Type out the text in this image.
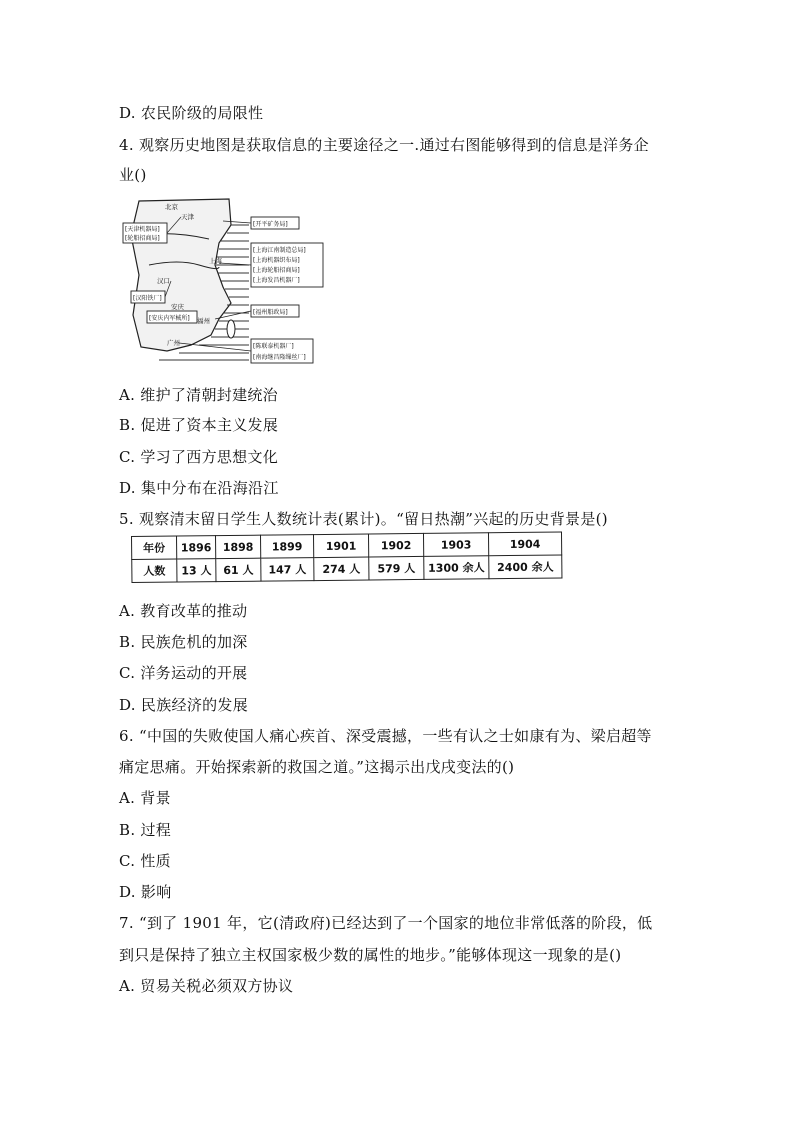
D. 农民阶级的局限性
4. 观察历史地图是获取信息的主要途径之一.通过右图能够得到的信息是洋务企
业()
北京
天津
汉口
安庆
上海
福州
广州
[天津机器局]
[轮船招商局]
[开平矿务局]
[上海江南制造总局]
[上海机器织布局]
[上海轮船招商局]
[上海发昌机器厂]
[汉阳铁厂]
[安庆内军械所]
[福州船政局]
[陈联泰机器厂]
[南海继昌隆缫丝厂]
A. 维护了清朝封建统治
B. 促进了资本主义发展
C. 学习了西方思想文化
D. 集中分布在沿海沿江
5. 观察清末留日学生人数统计表(累计)。“留日热潮”兴起的历史背景是()
年份	1896	1898	1899	1901	1902	1903	1904
人数	13 人	61 人	147 人	274 人	579 人	1300 余人	2400 余人
A. 教育改革的推动
B. 民族危机的加深
C. 洋务运动的开展
D. 民族经济的发展
6. “中国的失败使国人痛心疾首、深受震撼，一些有认之士如康有为、梁启超等
痛定思痛。开始探索新的救国之道。”这揭示出戊戌变法的()
A. 背景
B. 过程
C. 性质
D. 影响
7. “到了 1901 年，它(清政府)已经达到了一个国家的地位非常低落的阶段，低
到只是保持了独立主权国家极少数的属性的地步。”能够体现这一现象的是()
A. 贸易关税必须双方协议
